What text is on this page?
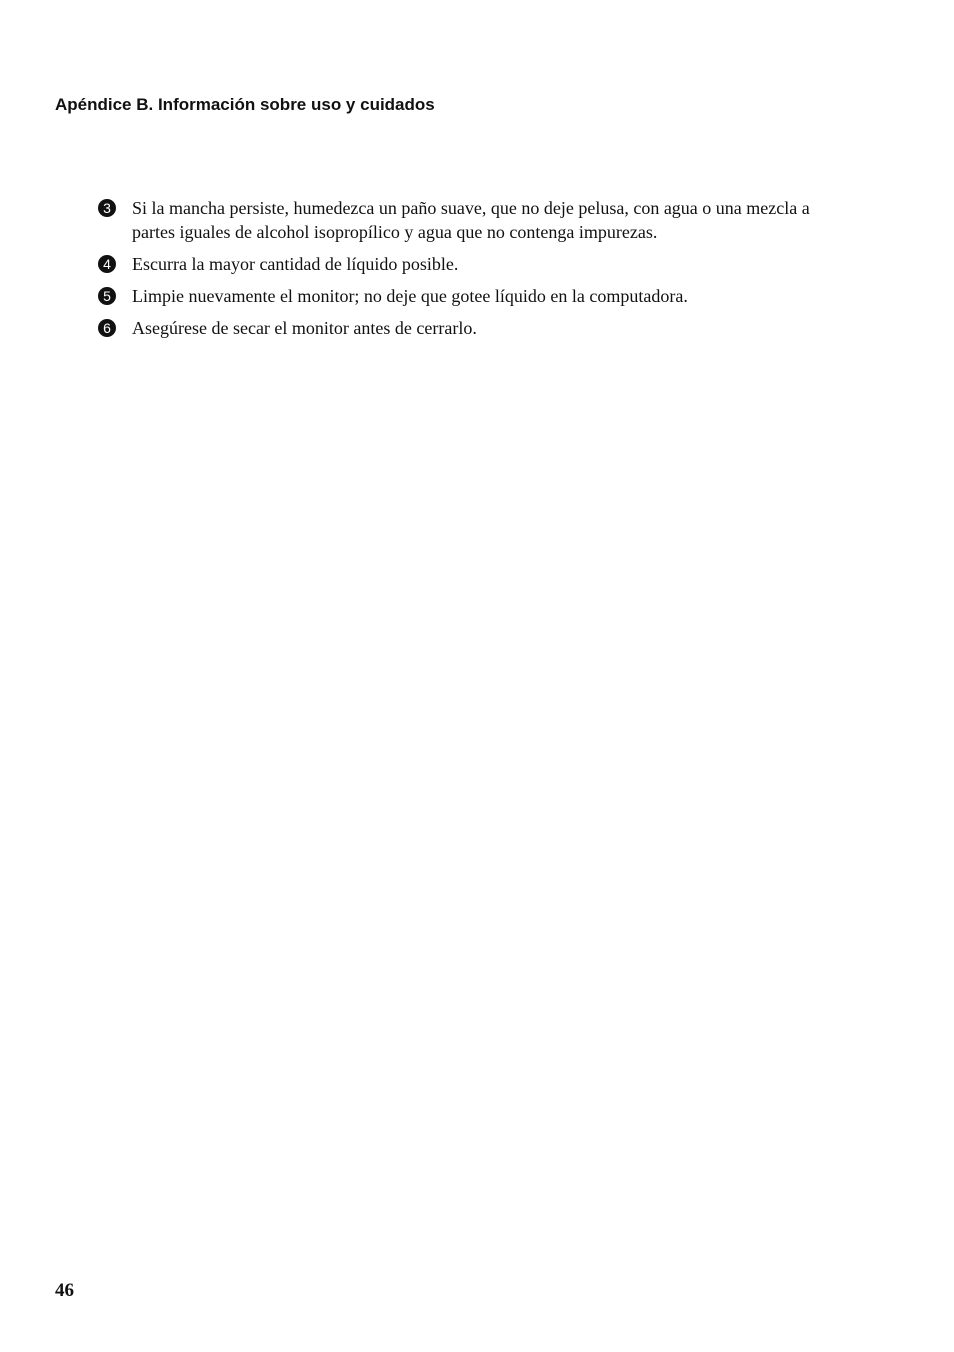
Apéndice B. Información sobre uso y cuidados
3 Si la mancha persiste, humedezca un paño suave, que no deje pelusa, con agua o una mezcla a partes iguales de alcohol isopropílico y agua que no contenga impurezas.
4 Escurra la mayor cantidad de líquido posible.
5 Limpie nuevamente el monitor; no deje que gotee líquido en la computadora.
6 Asegúrese de secar el monitor antes de cerrarlo.
46
